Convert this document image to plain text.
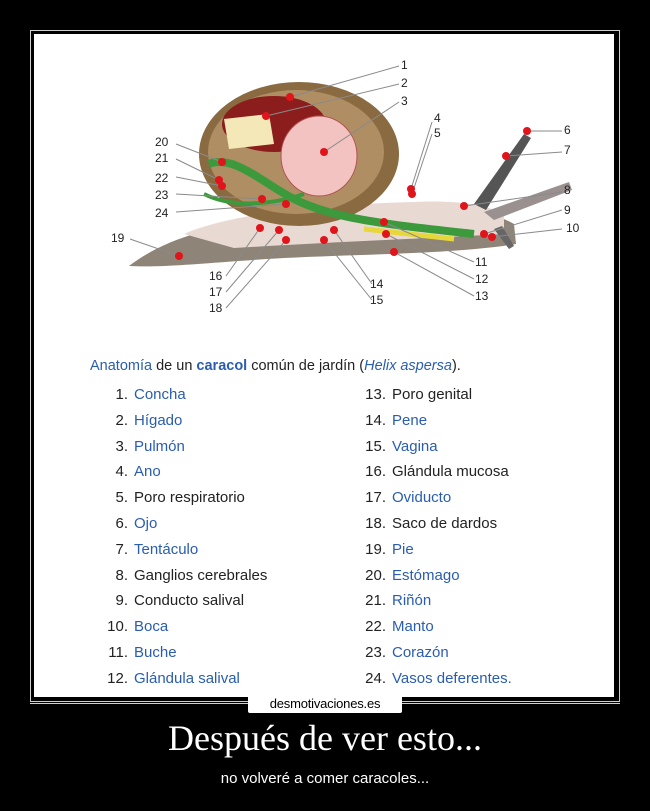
1
2
3
4
5	6
7
8
9
10
11
12
13
14
15
16
17
18
19
20
21
22
23
24
Anatomía de un caracol común de jardín (Helix aspersa).
1. Concha
2. Hígado
3. Pulmón
4. Ano
5. Poro respiratorio
6. Ojo
7. Tentáculo
8. Ganglios cerebrales
9. Conducto salival
10. Boca
11. Buche
12. Glándula salival
13. Poro genital
14. Pene
15. Vagina
16. Glándula mucosa
17. Oviducto
18. Saco de dardos
19. Pie
20. Estómago
21. Riñón
22. Manto
23. Corazón
24. Vasos deferentes.
desmotivaciones.es
Después de ver esto...
no volveré a comer caracoles...
